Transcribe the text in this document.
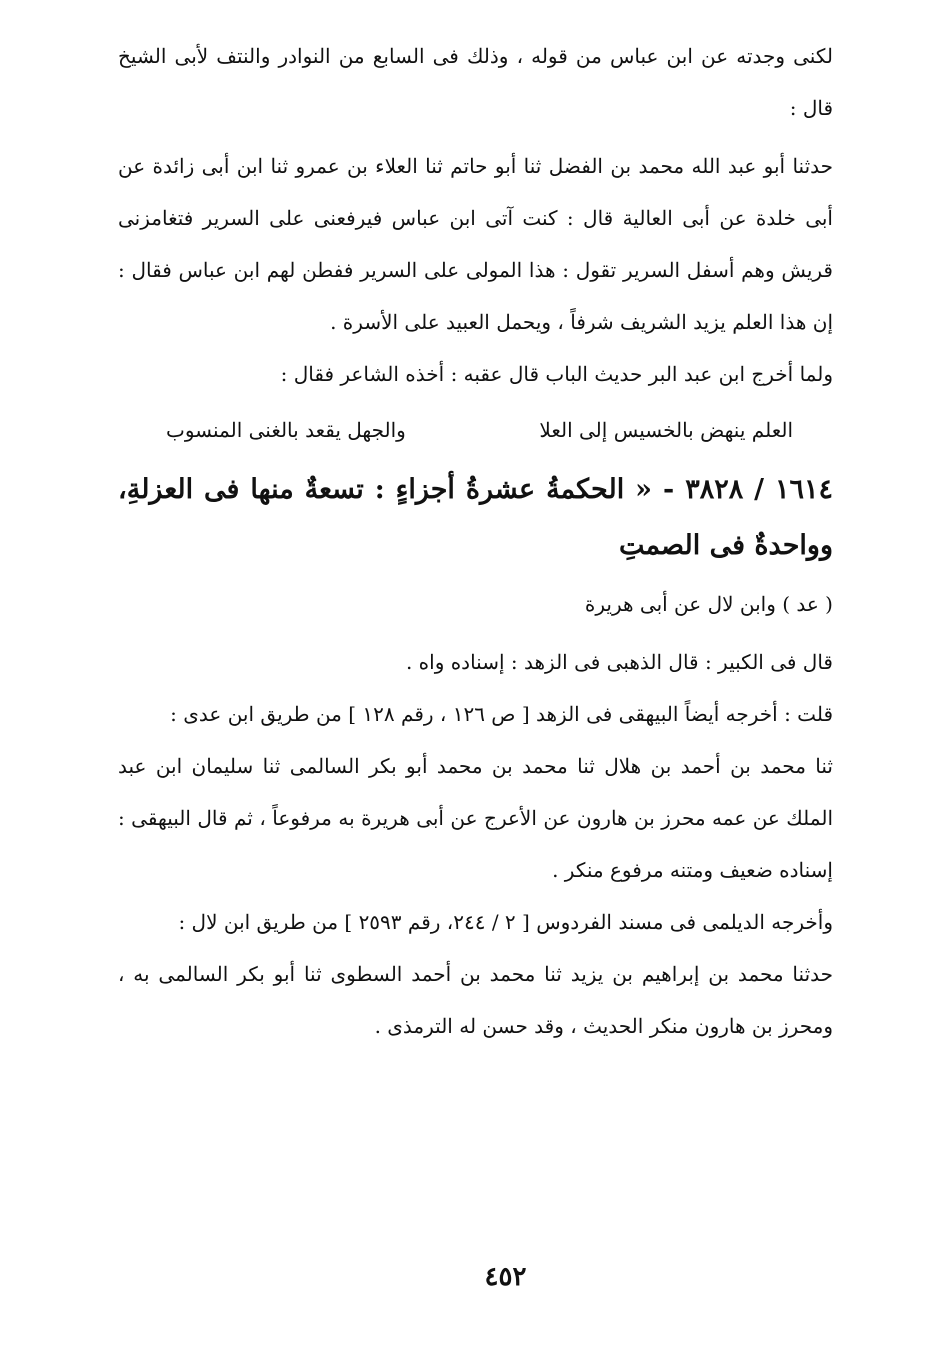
لكنى وجدته عن ابن عباس من قوله ، وذلك فى السابع من النوادر والنتف لأبى الشيخ قال :

حدثنا أبو عبد الله محمد بن الفضل ثنا أبو حاتم ثنا العلاء بن عمرو ثنا ابن أبى زائدة عن أبى خلدة عن أبى العالية قال : كنت آتى ابن عباس فيرفعنى على السرير فتغامزنى قريش وهم أسفل السرير تقول : هذا المولى على السرير ففطن لهم ابن عباس فقال : إن هذا العلم يزيد الشريف شرفاً ، ويحمل العبيد على الأسرة .

ولما أخرج ابن عبد البر حديث الباب قال عقبه : أخذه الشاعر فقال :

العلم ينهض بالخسيس إلى العلا
والجهل يقعد بالغنى المنسوب

١٦١٤ / ٣٨٢٨ - « الحكمةُ عشرةُ أجزاءٍ : تسعةٌ منها فى العزلةِ، وواحدةٌ فى الصمتِ

( عد ) وابن لال عن أبى هريرة

قال فى الكبير : قال الذهبى فى الزهد : إسناده واه .

قلت : أخرجه أيضاً البيهقى فى الزهد [ ص ١٢٦ ، رقم ١٢٨ ] من طريق ابن عدى :

ثنا محمد بن أحمد بن هلال ثنا محمد بن محمد أبو بكر السالمى ثنا سليمان ابن عبد الملك عن عمه محرز بن هارون عن الأعرج عن أبى هريرة به مرفوعاً ، ثم قال البيهقى : إسناده ضعيف ومتنه مرفوع منكر .

وأخرجه الديلمى فى مسند الفردوس [ ٢ / ٢٤٤، رقم ٢٥٩٣ ] من طريق ابن لال :

حدثنا محمد بن إبراهيم بن يزيد ثنا محمد بن أحمد السطوى ثنا أبو بكر السالمى به ، ومحرز بن هارون منكر الحديث ، وقد حسن له الترمذى .

٤٥٢
